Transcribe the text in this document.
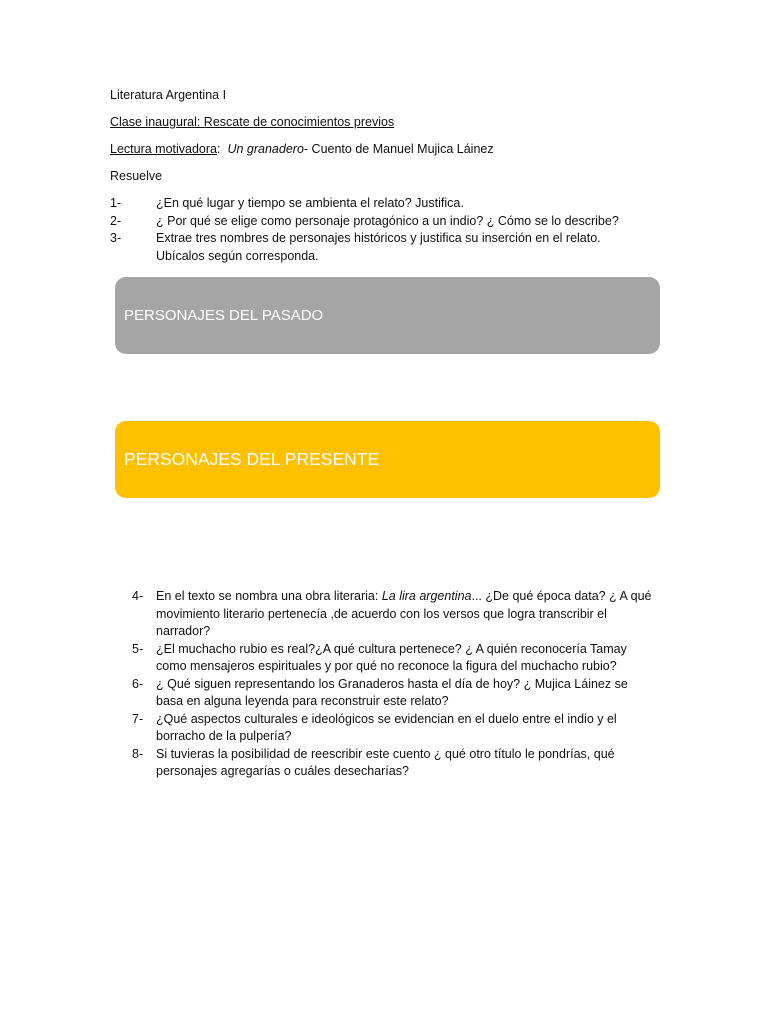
Literatura Argentina I
Clase inaugural: Rescate de conocimientos previos
Lectura motivadora: Un granadero- Cuento de Manuel Mujica Láinez
Resuelve
1-	¿En qué lugar y tiempo se ambienta el relato? Justifica.
2-	¿ Por qué se elige como personaje protagónico a un indio? ¿ Cómo se lo describe?
3-	Extrae tres nombres de personajes históricos y justifica su inserción en el relato. Ubícalos según corresponda.
PERSONAJES DEL PASADO
PERSONAJES DEL PRESENTE
4- En el texto se nombra una obra literaria: La lira argentina... ¿De qué época data? ¿ A qué movimiento literario pertenecía ,de acuerdo con los versos que logra transcribir el narrador?
5- ¿El muchacho rubio es real?¿A qué cultura pertenece? ¿ A quién reconocería Tamay como mensajeros espirituales y por qué no reconoce la figura del muchacho rubio?
6- ¿ Qué siguen representando los Granaderos hasta el día de hoy? ¿ Mujica Láinez se basa en alguna leyenda para reconstruir este relato?
7- ¿Qué aspectos culturales e ideológicos se evidencian en el duelo entre el indio y el borracho de la pulpería?
8- Si tuvieras la posibilidad de reescribir este cuento ¿ qué otro título le pondrías, qué personajes agregarías o cuáles desecharías?
